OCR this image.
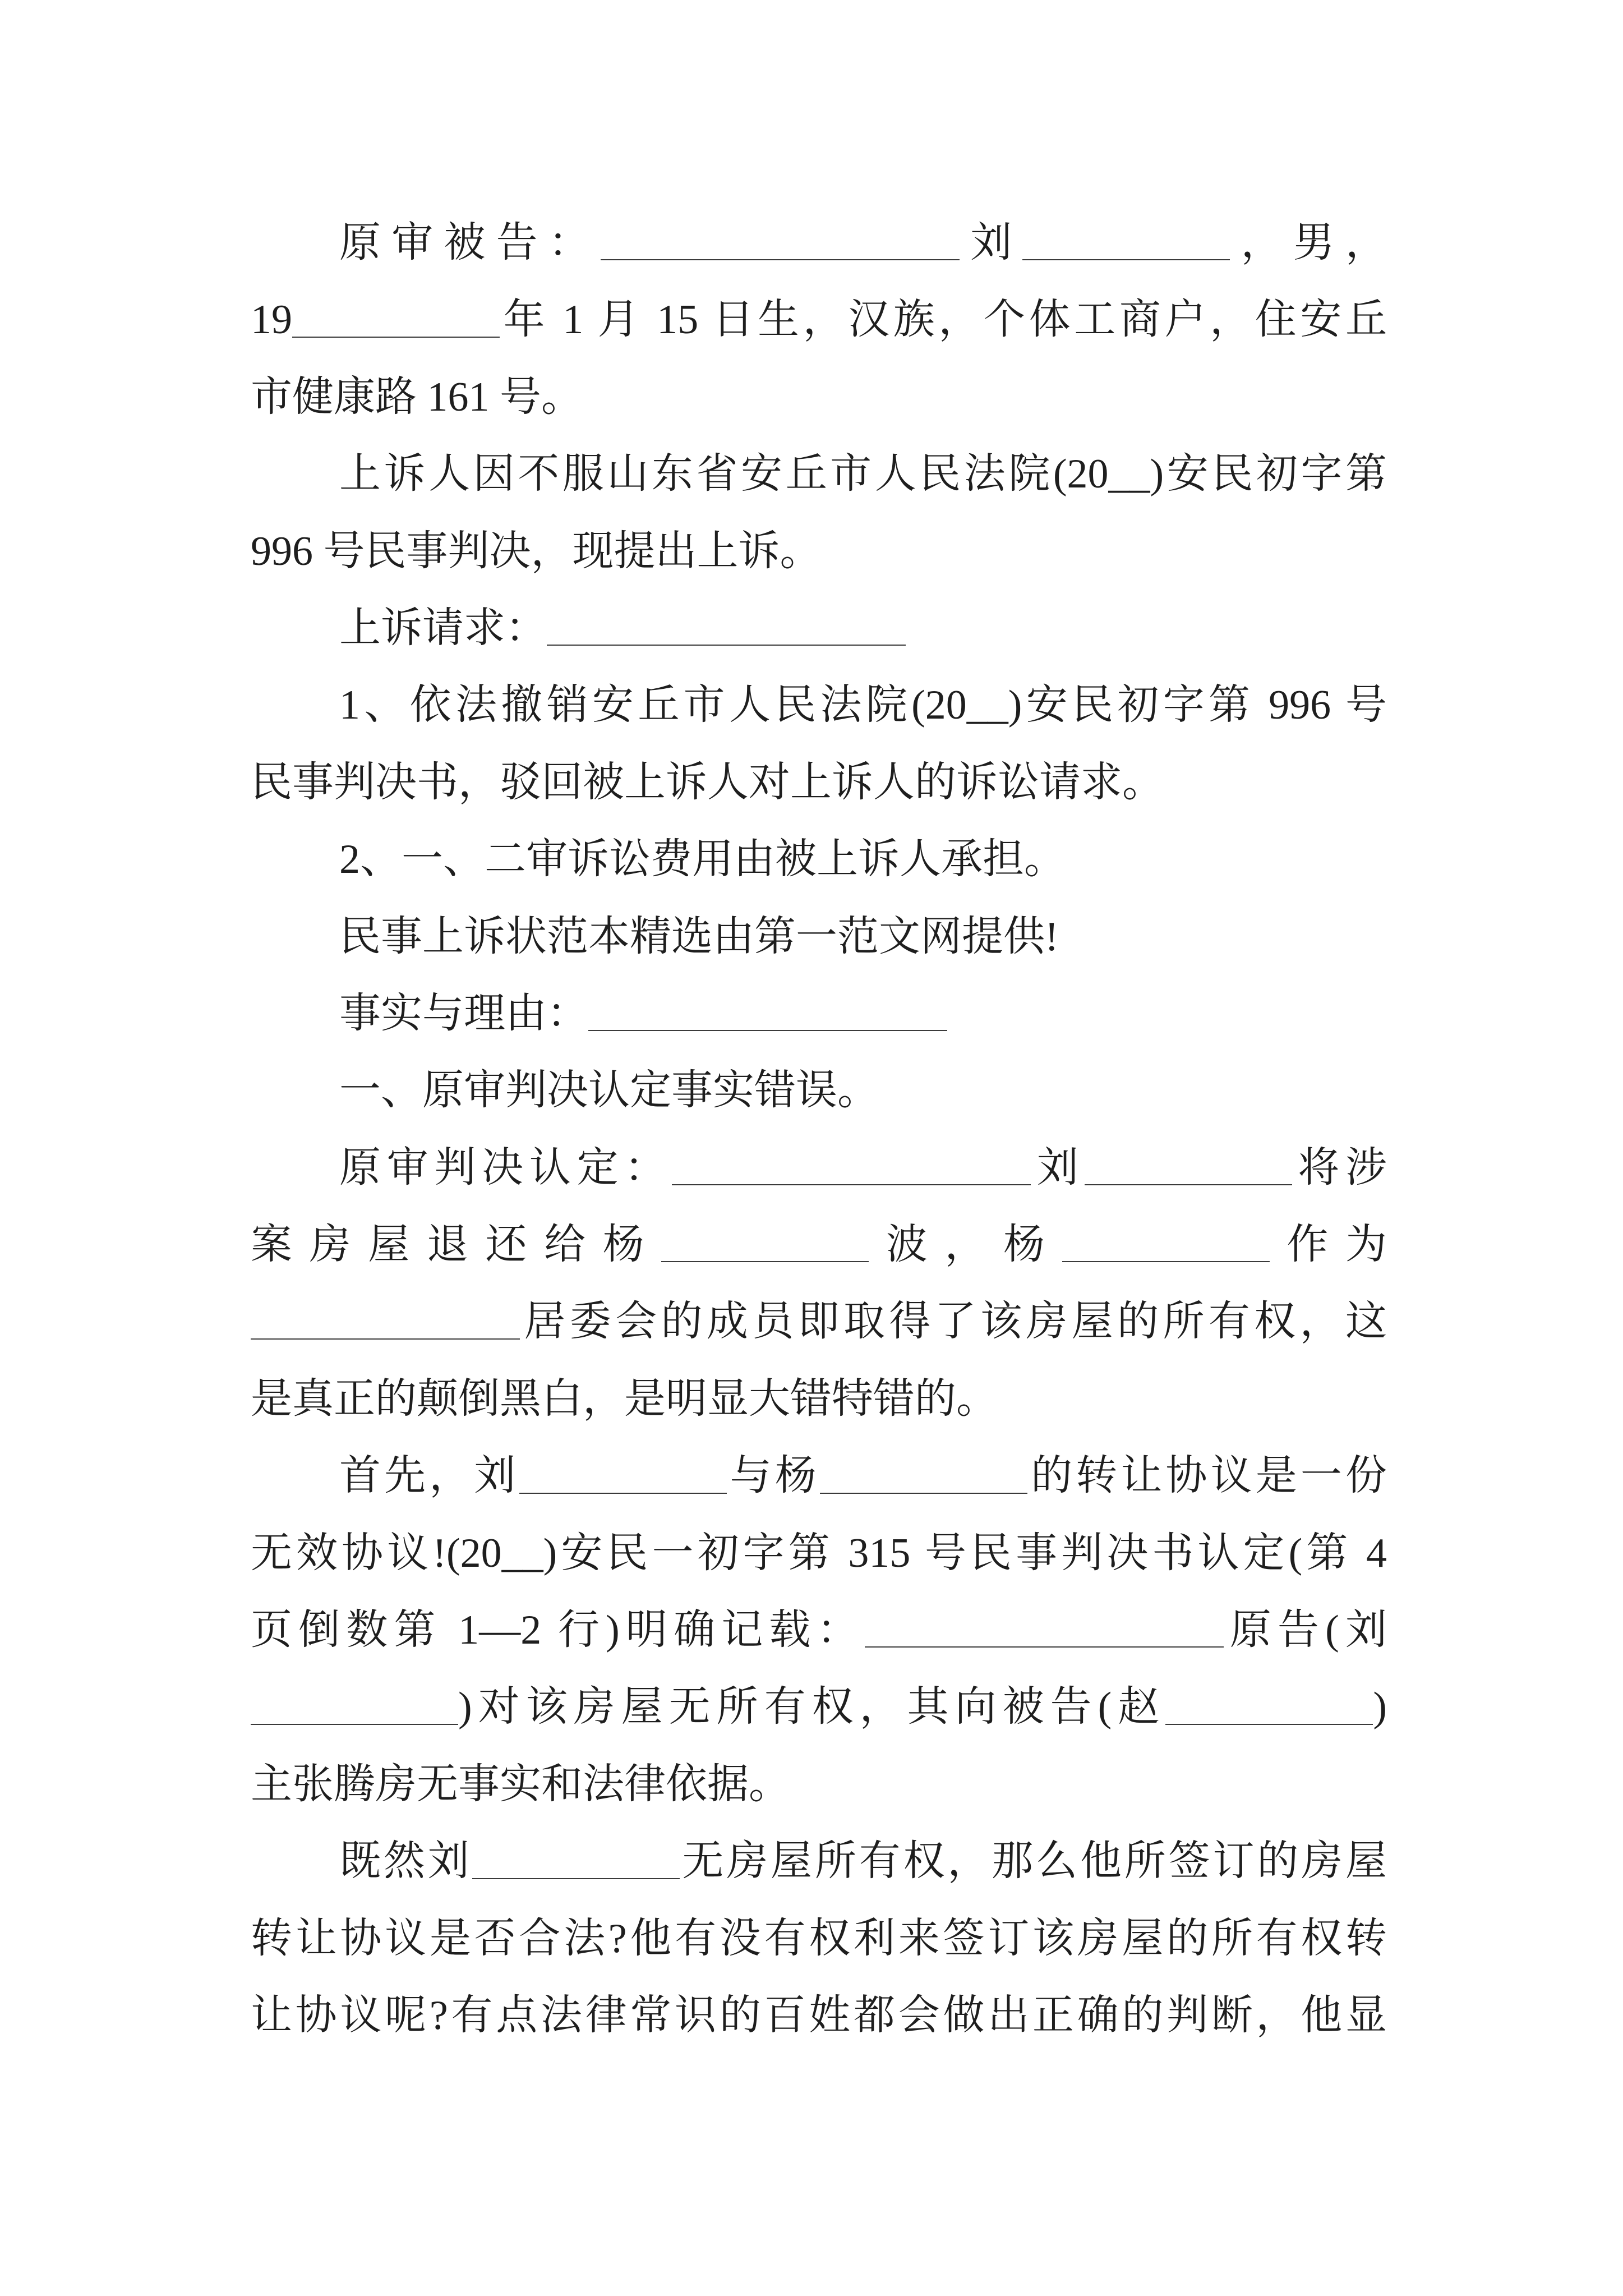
原审被告：	刘	，男，
19	年 1 月 15 日生，汉族，个体工商户，住安丘
市健康路 161 号。
上诉人因不服山东省安丘市人民法院(20__)安民初字第
996 号民事判决，现提出上诉。
上诉请求：
1、依法撤销安丘市人民法院(20__)安民初字第 996 号
民事判决书，驳回被上诉人对上诉人的诉讼请求。
2、一、二审诉讼费用由被上诉人承担。
民事上诉状范本精选由第一范文网提供!
事实与理由：
一、原审判决认定事实错误。
原审判决认定：	刘	将涉
案房屋退还给杨	波，杨	作为
居委会的成员即取得了该房屋的所有权，这
是真正的颠倒黑白，是明显大错特错的。
首先，刘	与杨	的转让协议是一份
无效协议!(20__)安民一初字第 315 号民事判决书认定(第 4
页倒数第 1—2 行)明确记载：	原告(刘
)对该房屋无所有权，其向被告(赵	)
主张腾房无事实和法律依据。
既然刘	无房屋所有权，那么他所签订的房屋
转让协议是否合法?他有没有权利来签订该房屋的所有权转
让协议呢?有点法律常识的百姓都会做出正确的判断，他显
